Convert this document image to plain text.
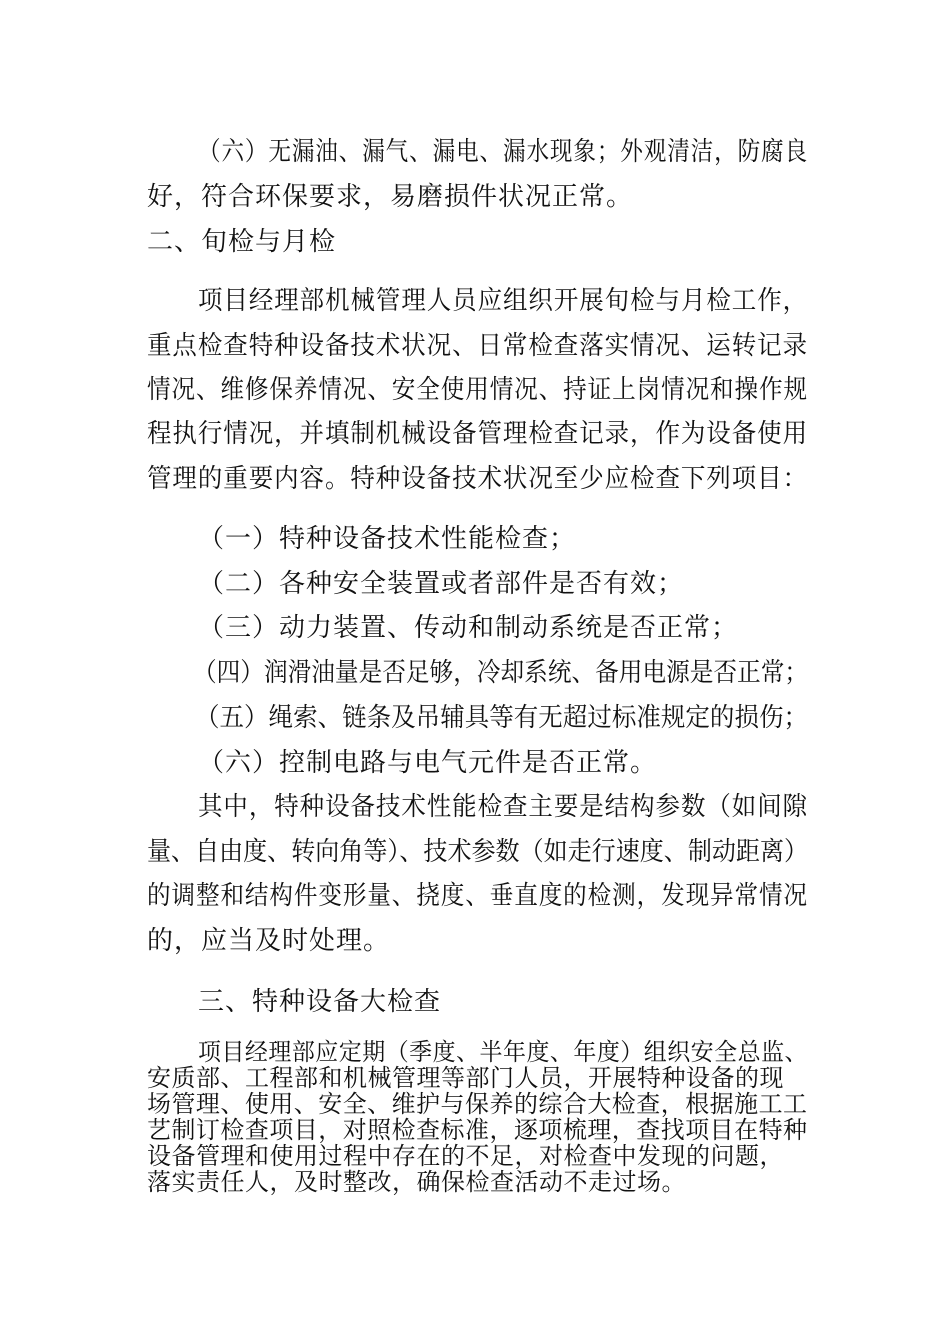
（六）无漏油、漏气、漏电、漏水现象；外观清洁，防腐良
好，符合环保要求，易磨损件状况正常。
二、旬检与月检
项目经理部机械管理人员应组织开展旬检与月检工作，
重点检查特种设备技术状况、日常检查落实情况、运转记录
情况、维修保养情况、安全使用情况、持证上岗情况和操作规
程执行情况，并填制机械设备管理检查记录，作为设备使用
管理的重要内容。特种设备技术状况至少应检查下列项目：
（一）特种设备技术性能检查；
（二）各种安全装置或者部件是否有效；
（三）动力装置、传动和制动系统是否正常；
（四）润滑油量是否足够，冷却系统、备用电源是否正常；
（五）绳索、链条及吊辅具等有无超过标准规定的损伤；
（六）控制电路与电气元件是否正常。
其中，特种设备技术性能检查主要是结构参数（如间隙
量、自由度、转向角等）、技术参数（如走行速度、制动距离）
的调整和结构件变形量、挠度、垂直度的检测，发现异常情况
的，应当及时处理。
三、特种设备大检查
项目经理部应定期（季度、半年度、年度）组织安全总监、
安质部、工程部和机械管理等部门人员，开展特种设备的现
场管理、使用、安全、维护与保养的综合大检查，根据施工工
艺制订检查项目，对照检查标准，逐项梳理，查找项目在特种
设备管理和使用过程中存在的不足，对检查中发现的问题，
落实责任人，及时整改，确保检查活动不走过场。
